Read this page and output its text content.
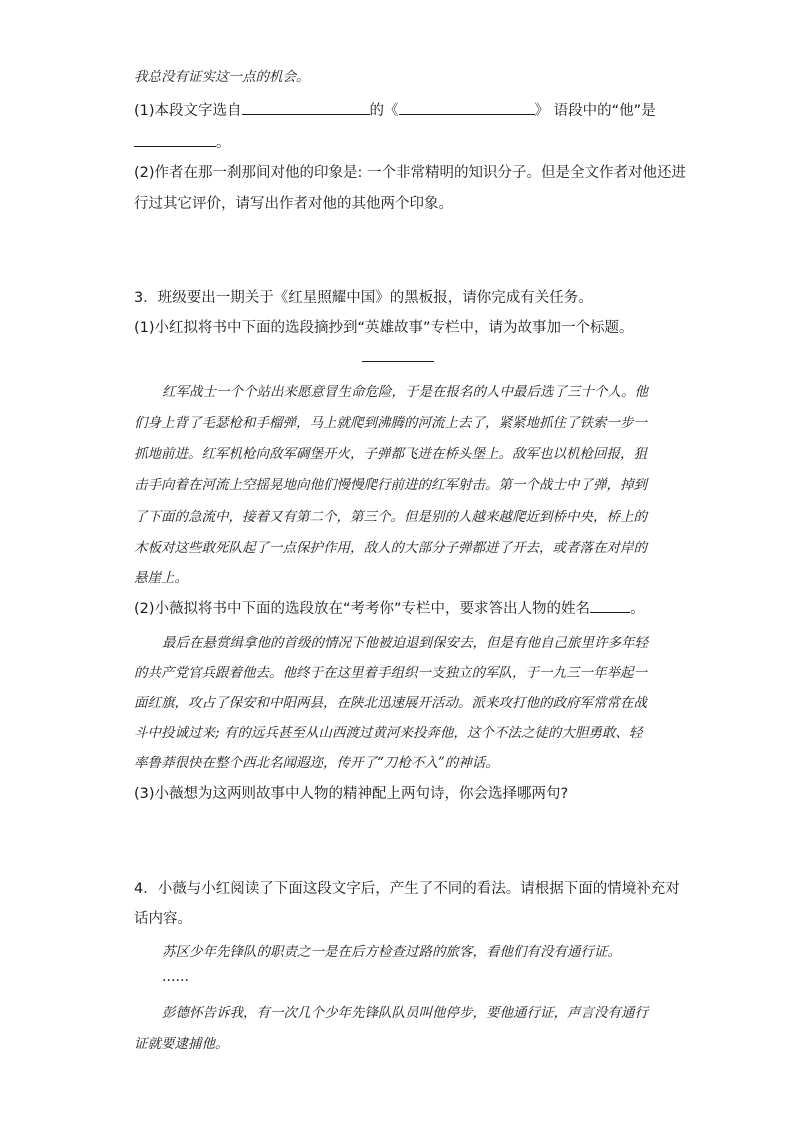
我总没有证实这一点的机会。
(1)本段文字选自	的《	》 语段中的“他”是
。
(2)作者在那一刹那间对他的印象是: 一个非常精明的知识分子。但是全文作者对他还进
行过其它评价，请写出作者对他的其他两个印象。
3．班级要出一期关于《红星照耀中国》的黑板报，请你完成有关任务。
(1)小红拟将书中下面的选段摘抄到“英雄故事”专栏中，请为故事加一个标题。
红军战士一个个站出来愿意冒生命危险，于是在报名的人中最后选了三十个人。他
们身上背了毛瑟枪和手榴弹，马上就爬到沸腾的河流上去了，紧紧地抓住了铁索一步一
抓地前进。红军机枪向敌军碉堡开火，子弹都飞迸在桥头堡上。敌军也以机枪回报，狙
击手向着在河流上空摇晃地向他们慢慢爬行前进的红军射击。第一个战士中了弹，掉到
了下面的急流中，接着又有第二个，第三个。但是别的人越来越爬近到桥中央，桥上的
木板对这些敢死队起了一点保护作用，敌人的大部分子弹都迸了开去，或者落在对岸的
悬崖上。
(2)小薇拟将书中下面的选段放在“考考你”专栏中，要求答出人物的姓名	。
最后在悬赏缉拿他的首级的情况下他被迫退到保安去，但是有他自己旅里许多年轻
的共产党官兵跟着他去。他终于在这里着手组织一支独立的军队，于一九三一年举起一
面红旗，攻占了保安和中阳两县，在陕北迅速展开活动。派来攻打他的政府军常常在战
斗中投诚过来; 有的远兵甚至从山西渡过黄河来投奔他，这个不法之徒的大胆勇敢、轻
率鲁莽很快在整个西北名闻遐迩，传开了“刀枪不入”的神话。
(3)小薇想为这两则故事中人物的精神配上两句诗，你会选择哪两句?
4．小薇与小红阅读了下面这段文字后，产生了不同的看法。请根据下面的情境补充对
话内容。
苏区少年先锋队的职责之一是在后方检查过路的旅客，看他们有没有通行证。
……
彭德怀告诉我，有一次几个少年先锋队队员叫他停步，要他通行证，声言没有通行
证就要逮捕他。
